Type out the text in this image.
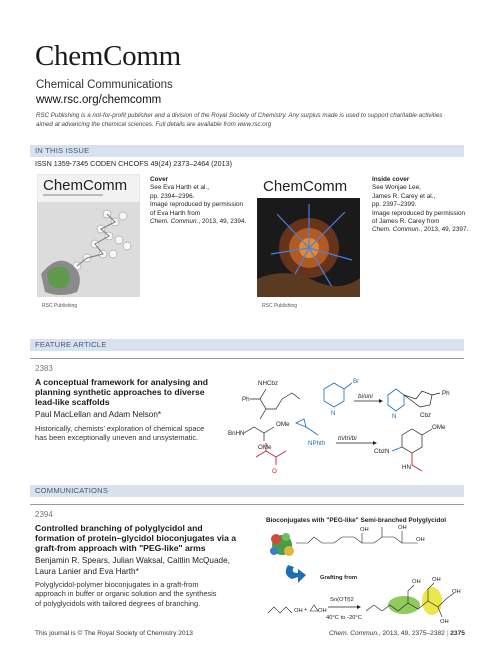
ChemComm
Chemical Communications
www.rsc.org/chemcomm
RSC Publishing is a not-for-profit publisher and a division of the Royal Society of Chemistry. Any surplus made is used to support charitable activities aimed at advancing the chemical sciences. Full details are available from www.rsc.org
IN THIS ISSUE
ISSN 1359-7345 CODEN CHCOFS 49(24) 2373–2464 (2013)
ChemComm
RSC Publishing
Cover
See Eva Harth et al.,
pp. 2394–2396.
Image reproduced by permission
of Eva Harth from
Chem. Commun., 2013, 49, 2394.
ChemComm
RSC Publishing
Inside cover
See Wonjae Lee,
James R. Carey et al.,
pp. 2397–2399.
Image reproduced by permission
of James R. Carey from
Chem. Commun., 2013, 49, 2397.
FEATURE ARTICLE
2383
A conceptual framework for analysing and
planning synthetic approaches to diverse
lead-like scaffolds
Paul MacLellan and Adam Nelson*
Historically, chemists' exploration of chemical space
has been exceptionally uneven and unsystematic.
NHCbz
Ph
Br
N
bi/uni
N	Cbz
Ph
BnHN
OMe
OMe
NPhth
O
tri/tri/bi
OMe
CbzN
HN
COMMUNICATIONS
2394
Controlled branching of polyglycidol and
formation of protein–glycidol bioconjugates via a
graft-from approach with "PEG-like" arms
Benjamin R. Spears, Julian Waksal, Caitlin McQuade,
Laura Lanier and Eva Harth*
Polyglycidol-polymer bioconjugates in a graft-from
approach in buffer or organic solution and the synthesis
of polyglycidols with tailored degrees of branching.
Bioconjugates with "PEG-like" Semi-branched Polyglycidol
OH	OH
OH
Grafting from
OH + OH
Sn(OTf)2
40°C to -20°C
OH OH
OH
OH
This journal is © The Royal Society of Chemistry 2013	Chem. Commun., 2013, 49, 2375–2382 | 2375
